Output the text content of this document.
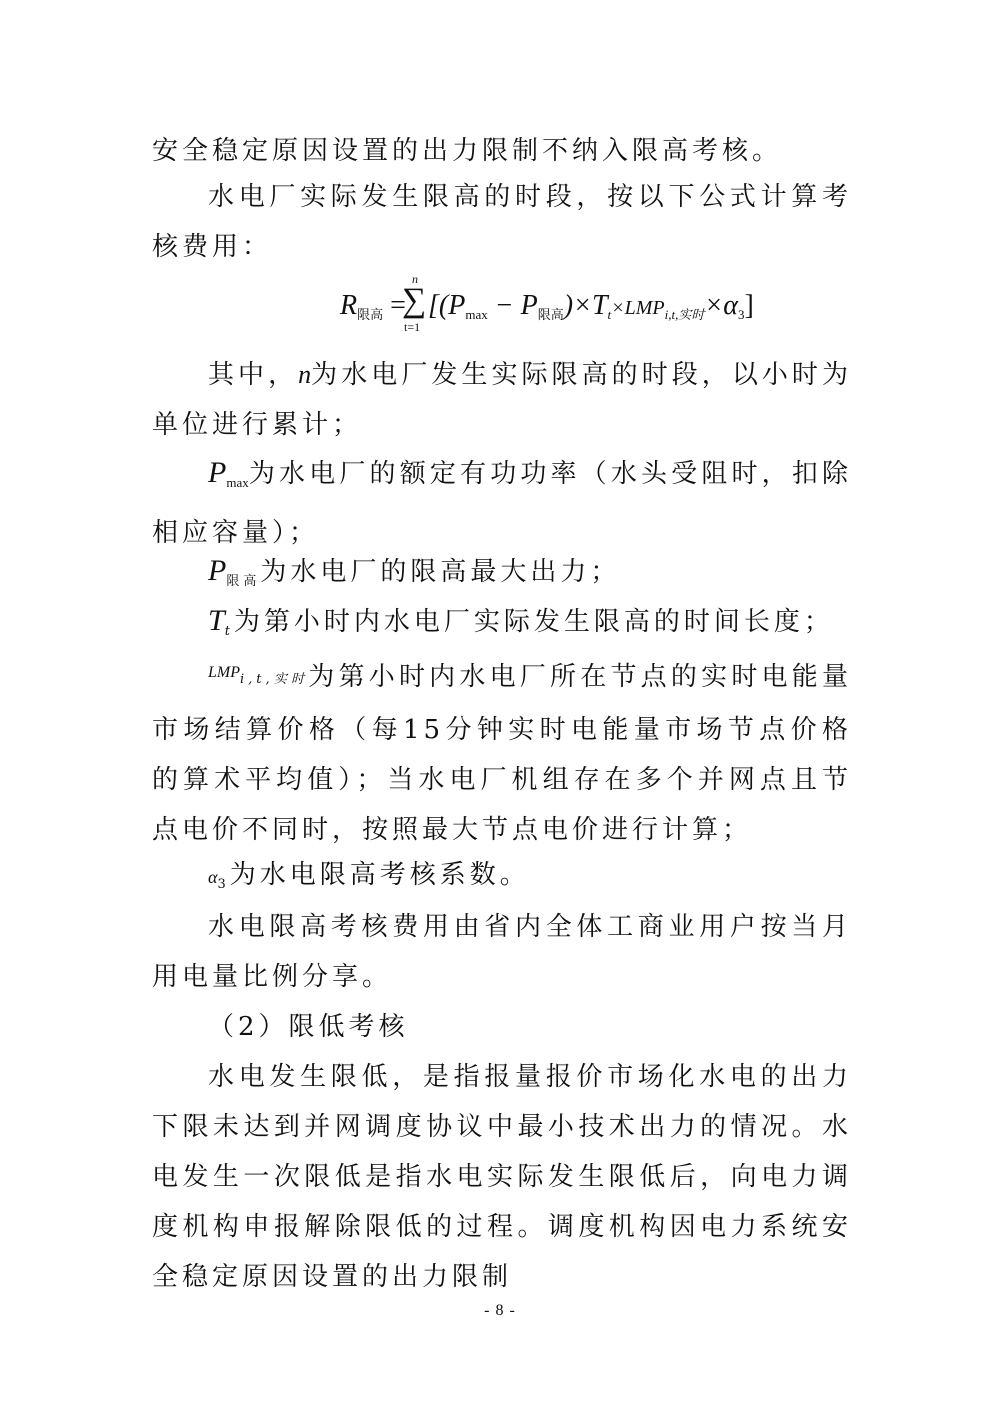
安全稳定原因设置的出力限制不纳入限高考核。

水电厂实际发生限高的时段，按以下公式计算考核费用：

$R_{限高}$ =
∑
n
t=1
[($P_{max}$ − $P_{限高})\times Tt\times LMPi,t$,实时$\times\alpha_3$]

其中，n为水电厂发生实际限高的时段，以小时为单位进行累计；

$P_{max}$为水电厂的额定有功功率（水头受阻时，扣除相应容量）；

$P_{限高}$为水电厂的限高最大出力；

Tt为第小时内水电厂实际发生限高的时间长度；

$^{LMP}$i,t,实时为第小时内水电厂所在节点的实时电能量市场结算价格（每15分钟实时电能量市场节点价格的算术平均值）；当水电厂机组存在多个并网点且节点电价不同时，按照最大节点电价进行计算；

$\alpha_3$为水电限高考核系数。

水电限高考核费用由省内全体工商业用户按当月用电量比例分享。

（2）限低考核

水电发生限低，是指报量报价市场化水电的出力下限未达到并网调度协议中最小技术出力的情况。水电发生一次限低是指水电实际发生限低后，向电力调度机构申报解除限低的过程。调度机构因电力系统安全稳定原因设置的出力限制

- 8 -
